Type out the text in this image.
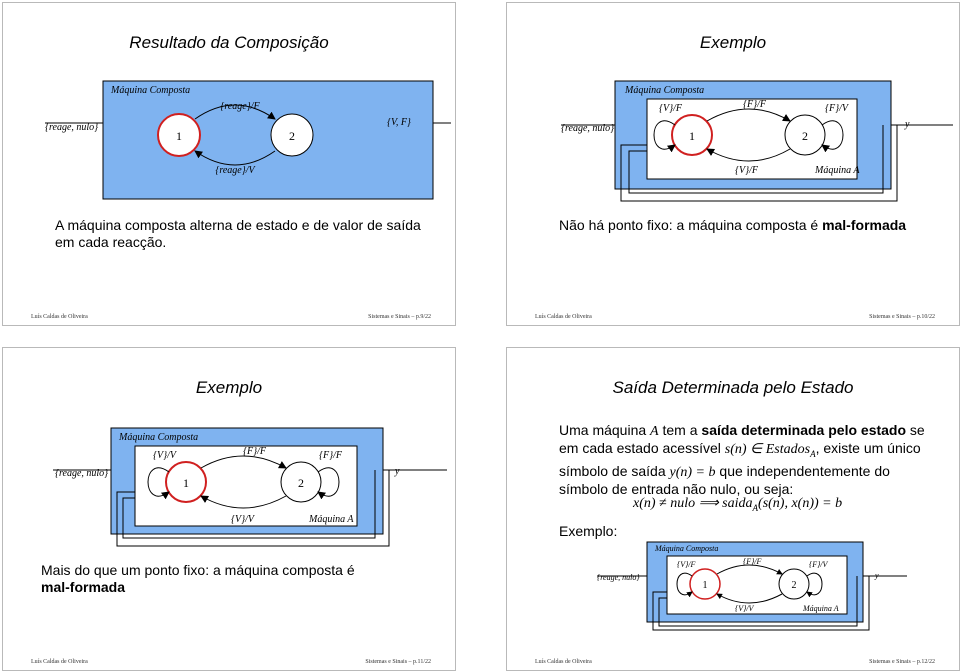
Resultado da Composição
Máquina Composta
{reage, nulo}	{V, F}
1	2
{reage}/F
{reage}/V
A máquina composta alterna de estado e de valor de saída
em cada reacção.
Luís Caldas de Oliveira	Sistemas e Sinais – p.9/22
Exemplo
Máquina Composta
{reage, nulo}	y
1	2
{V}/F	{F}/F	{F}/V
{V}/F	Máquina A
Não há ponto fixo: a máquina composta é mal-formada
Luís Caldas de Oliveira	Sistemas e Sinais – p.10/22
Exemplo
Máquina Composta
{reage, nulo}	y
1	2
{V}/V	{F}/F	{F}/F
{V}/V	Máquina A
Mais do que um ponto fixo: a máquina composta é
mal-formada
Luís Caldas de Oliveira	Sistemas e Sinais – p.11/22
Saída Determinada pelo Estado
Uma máquina A tem a saída determinada pelo estado se
em cada estado acessível s(n) ∈ Estados$_A$, existe um único
símbolo de saída y(n) = b que independentemente do
símbolo de entrada não nulo, ou seja:
x(n) ≠ nulo ⟹ saida$_A$(s(n), x(n)) = b
Exemplo:
Máquina Composta
{reage, nulo}	y
1	2
{V}/F	{F}/F	{F}/V
{V}/V	Máquina A
Luís Caldas de Oliveira	Sistemas e Sinais – p.12/22
